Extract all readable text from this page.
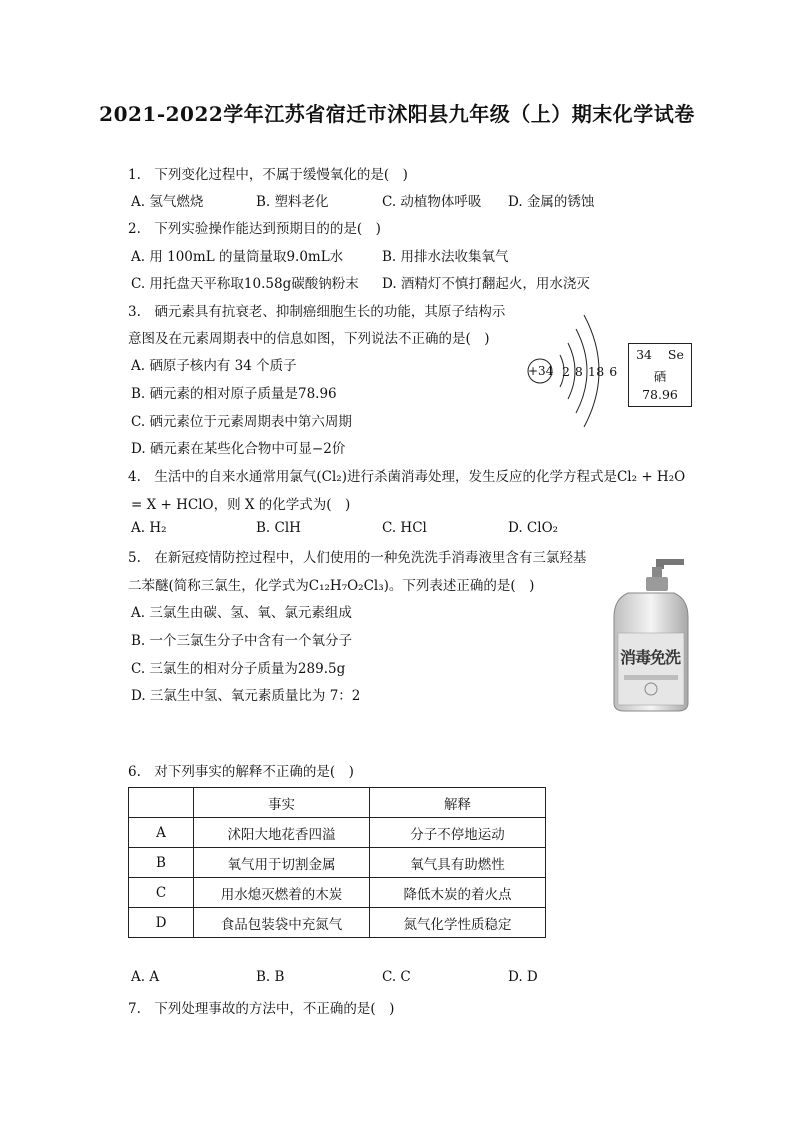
2021-2022学年江苏省宿迁市沭阳县九年级（上）期末化学试卷
1.　下列变化过程中，不属于缓慢氧化的是(　)
A. 氢气燃烧	B. 塑料老化	C. 动植物体呼吸 D. 金属的锈蚀
2.　下列实验操作能达到预期目的的是(　)
A. 用 100mL 的量筒量取9.0mL水	B. 用排水法收集氧气
C. 用托盘天平称取10.58g碳酸钠粉末 D. 酒精灯不慎打翻起火，用水浇灭
3.　硒元素具有抗衰老、抑制癌细胞生长的功能，其原子结构示
意图及在元素周期表中的信息如图，下列说法不正确的是(　)
A. 硒原子核内有 34 个质子
B. 硒元素的相对原子质量是78.96
C. 硒元素位于元素周期表中第六周期
D. 硒元素在某些化合物中可显−2价
+34 2 8 18 6
34 Se
硒
78.96
4.　生活中的自来水通常用氯气(Cl₂)进行杀菌消毒处理，发生反应的化学方程式是Cl₂ + H₂O
= X + HClO，则 X 的化学式为(　)
A. H₂	B. ClH	C. HCl	D. ClO₂
5.　在新冠疫情防控过程中，人们使用的一种免洗洗手消毒液里含有三氯羟基
二苯醚(简称三氯生，化学式为C₁₂H₇O₂Cl₃)。下列表述正确的是(　)
A. 三氯生由碳、氢、氧、氯元素组成
B. 一个三氯生分子中含有一个氧分子
C. 三氯生的相对分子质量为289.5g
D. 三氯生中氢、氧元素质量比为 7：2
消毒免洗
6.　对下列事实的解释不正确的是(　)
	事实	解释
A	沭阳大地花香四溢	分子不停地运动
B	氧气用于切割金属	氧气具有助燃性
C	用水熄灭燃着的木炭	降低木炭的着火点
D	食品包装袋中充氮气	氮气化学性质稳定
A. A	B. B	C. C	D. D
7.　下列处理事故的方法中，不正确的是(　)
